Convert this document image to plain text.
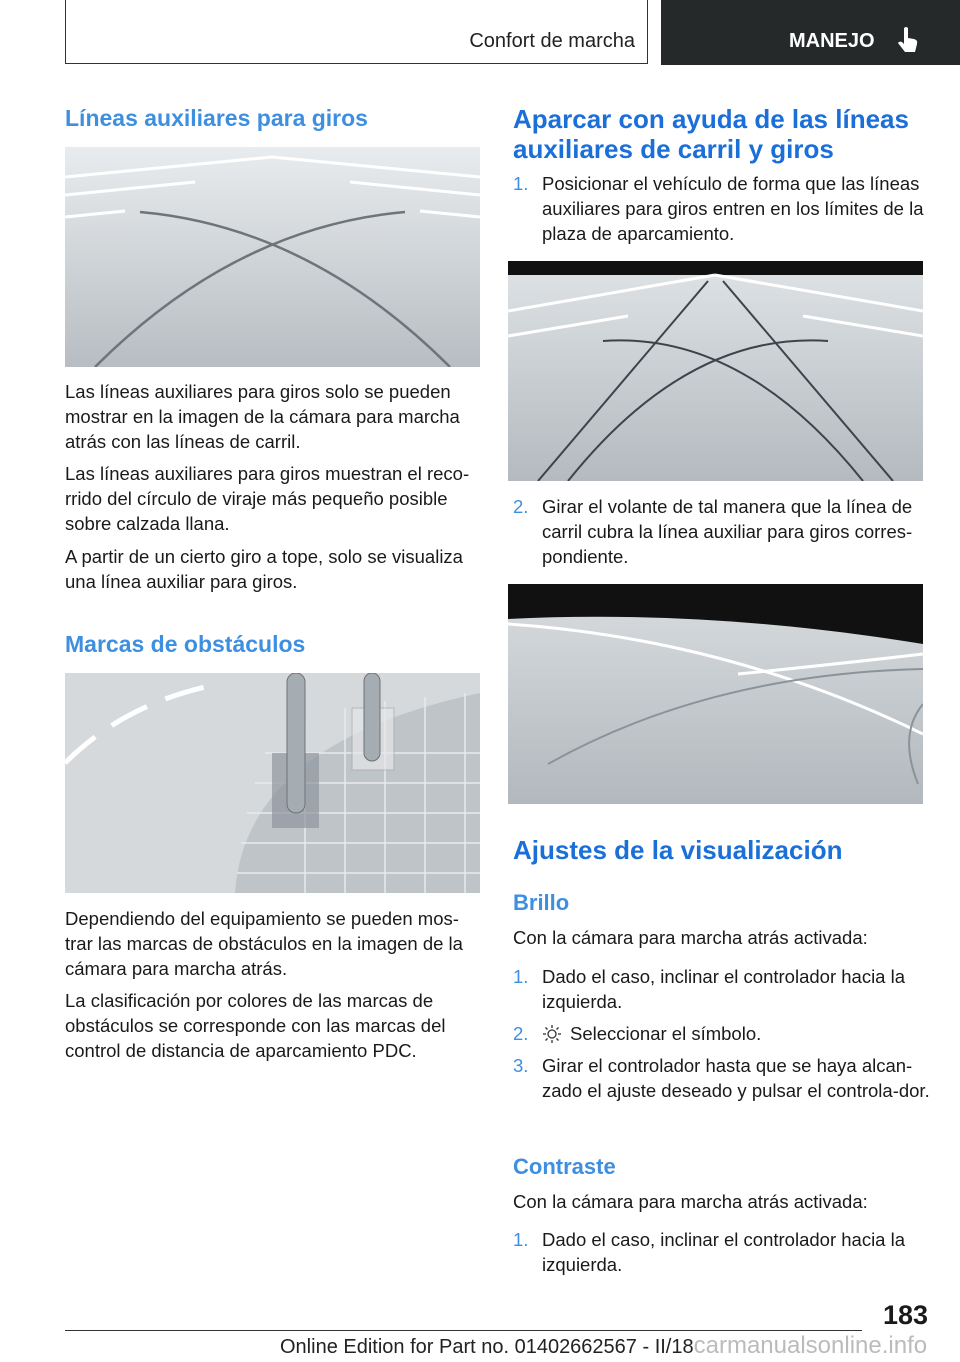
Confort de marcha	MANEJO
Líneas auxiliares para giros

Las líneas auxiliares para giros solo se pueden mostrar en la imagen de la cámara para marcha atrás con las líneas de carril.

Las líneas auxiliares para giros muestran el reco-rrido del círculo de viraje más pequeño posible sobre calzada llana.

A partir de un cierto giro a tope, solo se visualiza una línea auxiliar para giros.

Marcas de obstáculos

Dependiendo del equipamiento se pueden mos-trar las marcas de obstáculos en la imagen de la cámara para marcha atrás.

La clasificación por colores de las marcas de obstáculos se corresponde con las marcas del control de distancia de aparcamiento PDC.

Aparcar con ayuda de las líneas auxiliares de carril y giros
1. Posicionar el vehículo de forma que las líneas auxiliares para giros entren en los límites de la plaza de aparcamiento.
2. Girar el volante de tal manera que la línea de carril cubra la línea auxiliar para giros corres-pondiente.
Ajustes de la visualización
Brillo

Con la cámara para marcha atrás activada:

1. Dado el caso, inclinar el controlador hacia la izquierda.
2. Seleccionar el símbolo.
3. Girar el controlador hasta que se haya alcan-zado el ajuste deseado y pulsar el controla-dor.
Contraste

Con la cámara para marcha atrás activada:

1. Dado el caso, inclinar el controlador hacia la izquierda.
183
Online Edition for Part no. 01402662567 - II/18carmanualsonline.info
